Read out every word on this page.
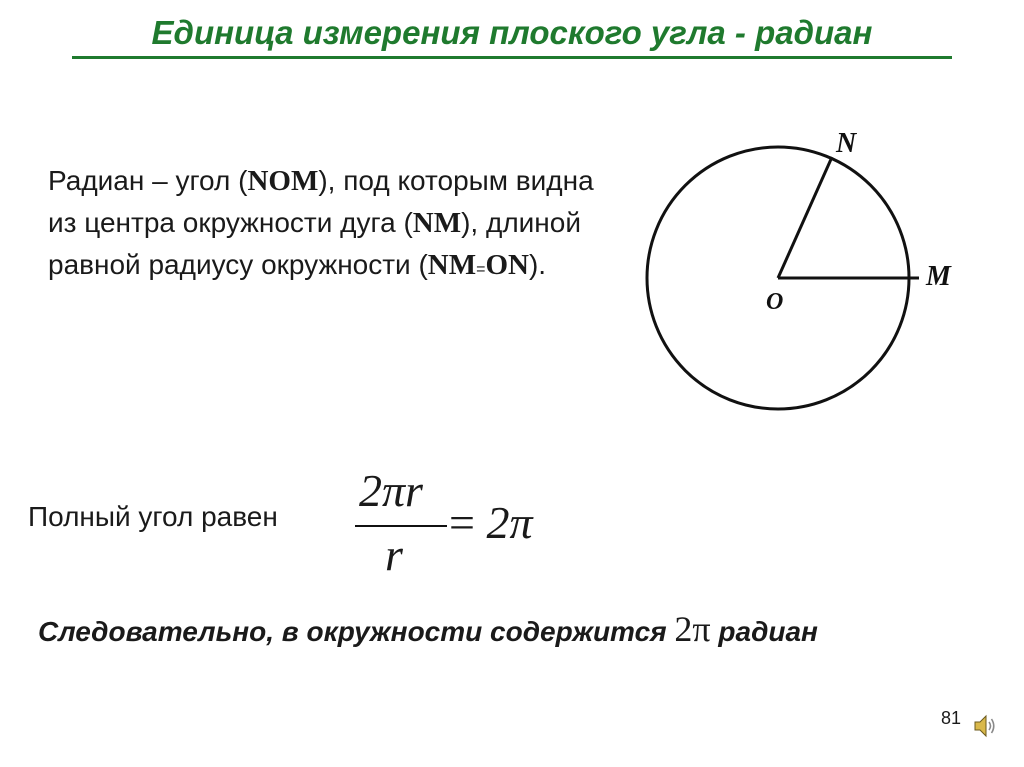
Единица измерения плоского угла - радиан
Радиан – угол (NOM), под которым видна из центра окружности дуга (NM), длиной равной радиусу окружности (NM=ON).
N
M
O
Полный угол равен
2πr
r
= 2π
Следовательно, в окружности содержится 2π радиан
81
